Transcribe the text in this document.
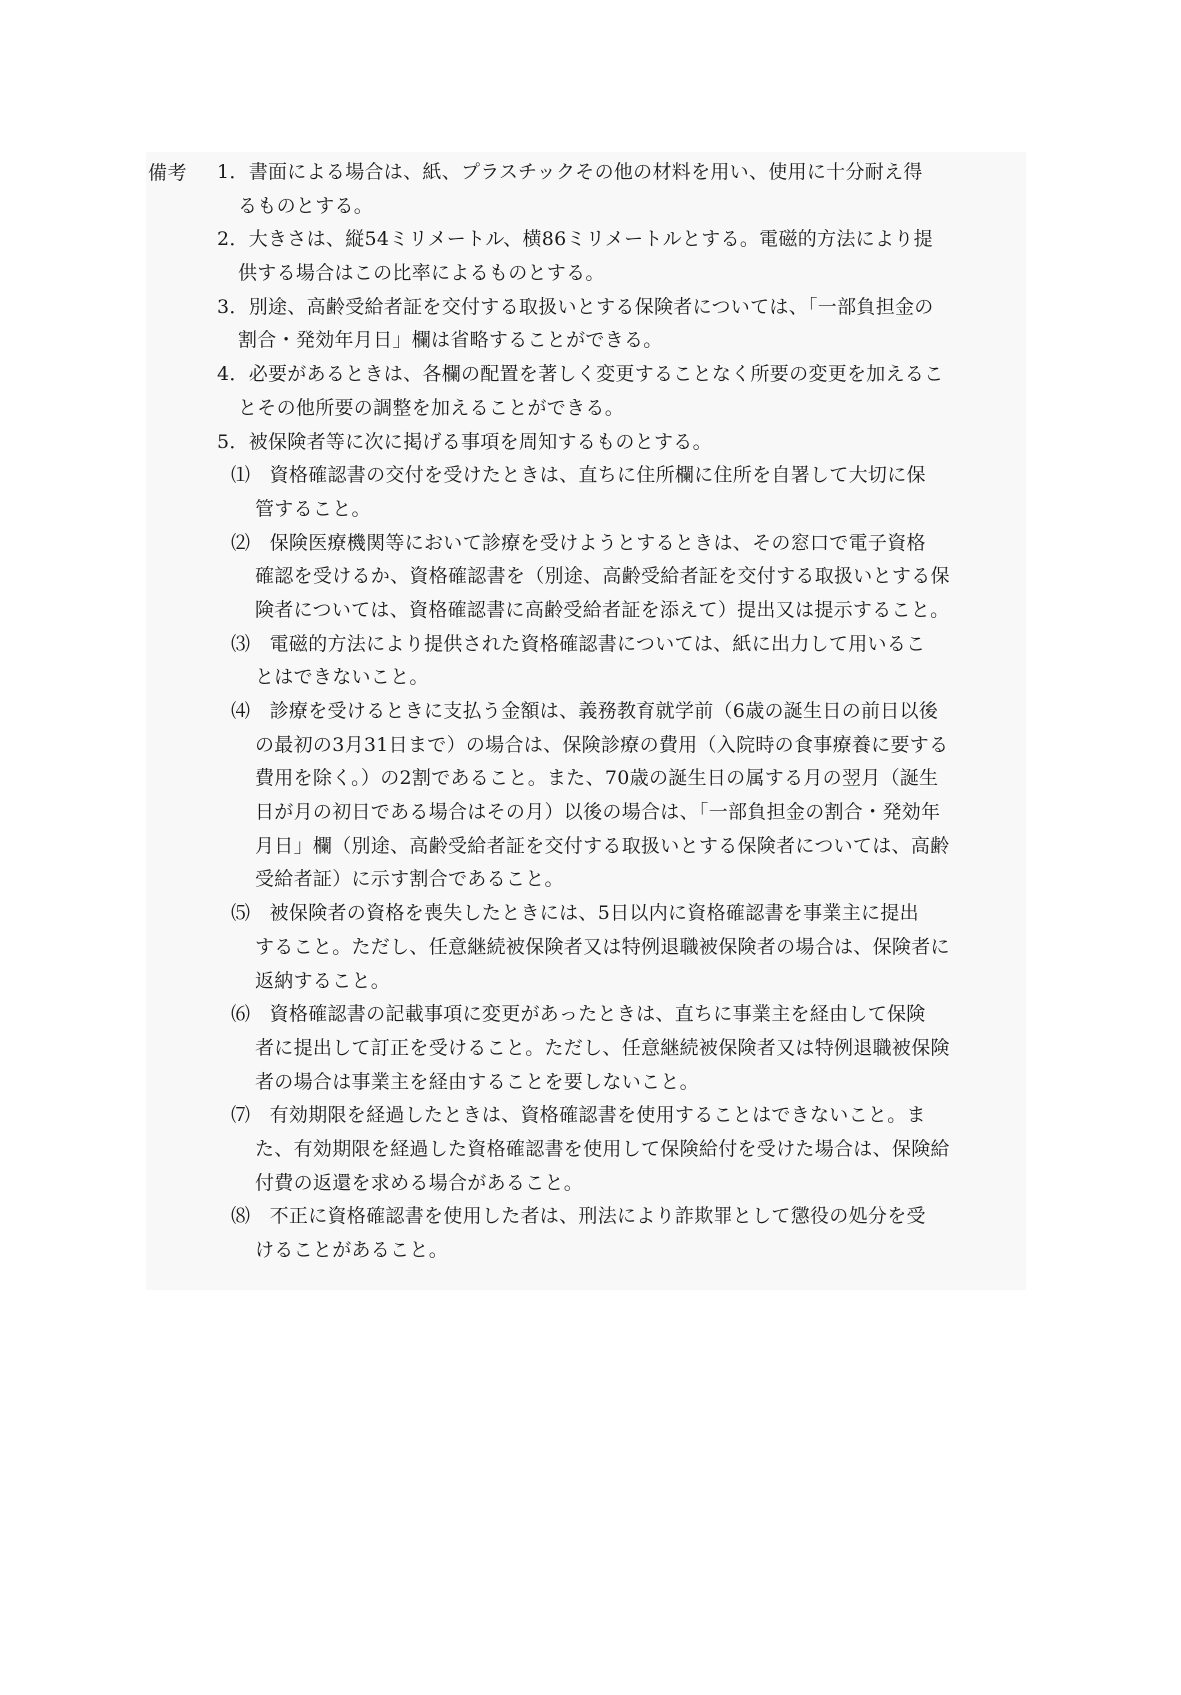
備考 1．書面による場合は、紙、プラスチックその他の材料を用い、使用に十分耐え得
るものとする。
2．大きさは、縦54ミリメートル、横86ミリメートルとする。電磁的方法により提
供する場合はこの比率によるものとする。
3．別途、高齢受給者証を交付する取扱いとする保険者については、「一部負担金の
割合・発効年月日」欄は省略することができる。
4．必要があるときは、各欄の配置を著しく変更することなく所要の変更を加えるこ
とその他所要の調整を加えることができる。
5．被保険者等に次に掲げる事項を周知するものとする。
⑴　資格確認書の交付を受けたときは、直ちに住所欄に住所を自署して大切に保
管すること。
⑵　保険医療機関等において診療を受けようとするときは、その窓口で電子資格
確認を受けるか、資格確認書を（別途、高齢受給者証を交付する取扱いとする保
険者については、資格確認書に高齢受給者証を添えて）提出又は提示すること。
⑶　電磁的方法により提供された資格確認書については、紙に出力して用いるこ
とはできないこと。
⑷　診療を受けるときに支払う金額は、義務教育就学前（6歳の誕生日の前日以後
の最初の3月31日まで）の場合は、保険診療の費用（入院時の食事療養に要する
費用を除く。）の2割であること。また、70歳の誕生日の属する月の翌月（誕生
日が月の初日である場合はその月）以後の場合は、「一部負担金の割合・発効年
月日」欄（別途、高齢受給者証を交付する取扱いとする保険者については、高齢
受給者証）に示す割合であること。
⑸　被保険者の資格を喪失したときには、5日以内に資格確認書を事業主に提出
すること。ただし、任意継続被保険者又は特例退職被保険者の場合は、保険者に
返納すること。
⑹　資格確認書の記載事項に変更があったときは、直ちに事業主を経由して保険
者に提出して訂正を受けること。ただし、任意継続被保険者又は特例退職被保険
者の場合は事業主を経由することを要しないこと。
⑺　有効期限を経過したときは、資格確認書を使用することはできないこと。ま
た、有効期限を経過した資格確認書を使用して保険給付を受けた場合は、保険給
付費の返還を求める場合があること。
⑻　不正に資格確認書を使用した者は、刑法により詐欺罪として懲役の処分を受
けることがあること。
